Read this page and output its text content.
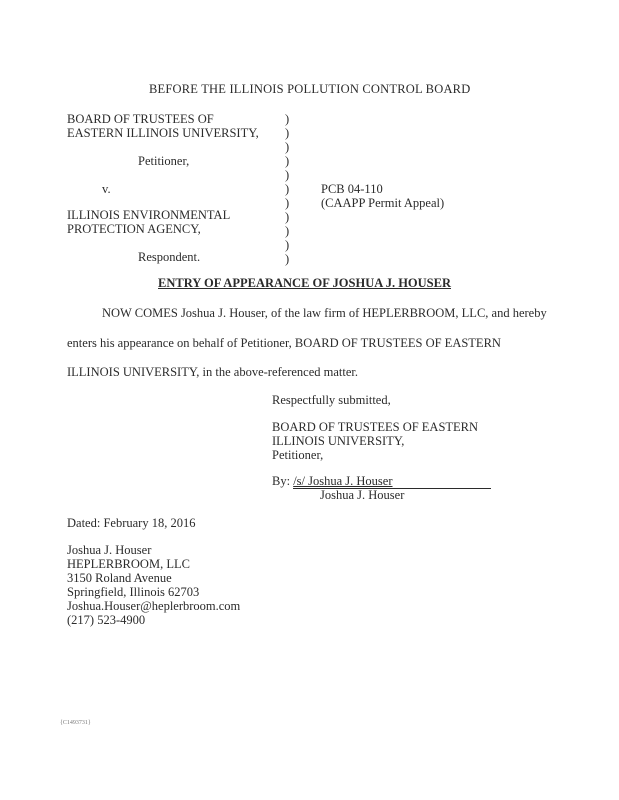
BEFORE THE ILLINOIS POLLUTION CONTROL BOARD
BOARD OF TRUSTEES OF
EASTERN ILLINOIS UNIVERSITY,
Petitioner,
v.
ILLINOIS ENVIRONMENTAL
PROTECTION AGENCY,
Respondent.
)
)
)
)
)
)
)
)
)
)
)
PCB 04-110
(CAAPP Permit Appeal)
ENTRY OF APPEARANCE OF JOSHUA J. HOUSER
NOW COMES Joshua J. Houser, of the law firm of HEPLERBROOM, LLC, and hereby
enters his appearance on behalf of Petitioner, BOARD OF TRUSTEES OF EASTERN
ILLINOIS UNIVERSITY, in the above-referenced matter.
Respectfully submitted,
BOARD OF TRUSTEES OF EASTERN
ILLINOIS UNIVERSITY,
Petitioner,
By: /s/ Joshua J. Houser
Joshua J. Houser
Dated: February 18, 2016
Joshua J. Houser
HEPLERBROOM, LLC
3150 Roland Avenue
Springfield, Illinois 62703
Joshua.Houser@heplerbroom.com
(217) 523-4900
{C1493731}
